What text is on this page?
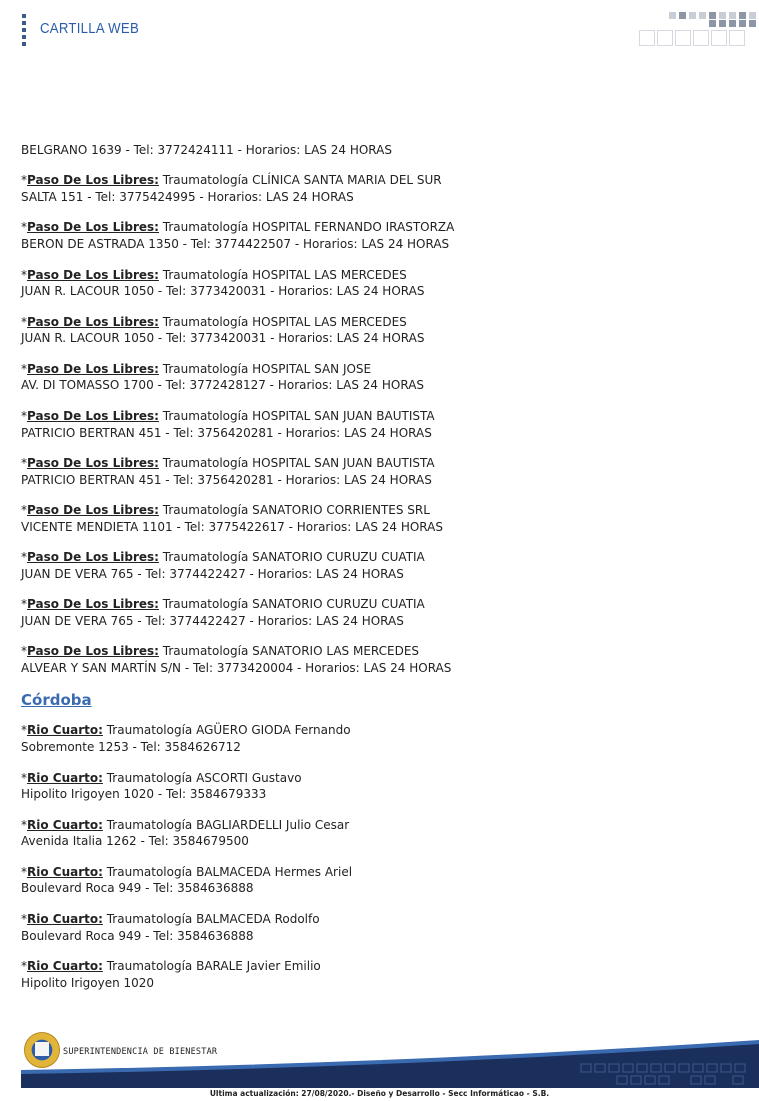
CARTILLA WEB
BELGRANO 1639 - Tel: 3772424111 - Horarios: LAS 24 HORAS
*Paso De Los Libres: Traumatología CLÍNICA SANTA MARIA DEL SUR
SALTA 151 - Tel: 3775424995 - Horarios: LAS 24 HORAS
*Paso De Los Libres: Traumatología HOSPITAL FERNANDO IRASTORZA
BERON DE ASTRADA 1350 - Tel: 3774422507 - Horarios: LAS 24 HORAS
*Paso De Los Libres: Traumatología HOSPITAL LAS MERCEDES
JUAN R. LACOUR 1050 - Tel: 3773420031 - Horarios: LAS 24 HORAS
*Paso De Los Libres: Traumatología HOSPITAL LAS MERCEDES
JUAN R. LACOUR 1050 - Tel: 3773420031 - Horarios: LAS 24 HORAS
*Paso De Los Libres: Traumatología HOSPITAL SAN JOSE
AV. DI TOMASSO 1700 - Tel: 3772428127 - Horarios: LAS 24 HORAS
*Paso De Los Libres: Traumatología HOSPITAL SAN JUAN BAUTISTA
PATRICIO BERTRAN 451 - Tel: 3756420281 - Horarios: LAS 24 HORAS
*Paso De Los Libres: Traumatología HOSPITAL SAN JUAN BAUTISTA
PATRICIO BERTRAN 451 - Tel: 3756420281 - Horarios: LAS 24 HORAS
*Paso De Los Libres: Traumatología SANATORIO CORRIENTES SRL
VICENTE MENDIETA 1101 - Tel: 3775422617 - Horarios: LAS 24 HORAS
*Paso De Los Libres: Traumatología SANATORIO CURUZU CUATIA
JUAN DE VERA 765 - Tel: 3774422427 - Horarios: LAS 24 HORAS
*Paso De Los Libres: Traumatología SANATORIO CURUZU CUATIA
JUAN DE VERA 765 - Tel: 3774422427 - Horarios: LAS 24 HORAS
*Paso De Los Libres: Traumatología SANATORIO LAS MERCEDES
ALVEAR Y SAN MARTÍN S/N - Tel: 3773420004 - Horarios: LAS 24 HORAS
Córdoba
*Rio Cuarto: Traumatología AGÜERO GIODA Fernando
Sobremonte 1253 - Tel: 3584626712
*Rio Cuarto: Traumatología ASCORTI Gustavo
Hipolito Irigoyen 1020 - Tel: 3584679333
*Rio Cuarto: Traumatología BAGLIARDELLI Julio Cesar
Avenida Italia 1262 - Tel: 3584679500
*Rio Cuarto: Traumatología BALMACEDA Hermes Ariel
Boulevard Roca 949 - Tel: 3584636888
*Rio Cuarto: Traumatología BALMACEDA Rodolfo
Boulevard Roca 949 - Tel: 3584636888
*Rio Cuarto: Traumatología BARALE Javier Emilio
Hipolito Irigoyen 1020
SUPERINTENDENCIA DE BIENESTAR
Ultima actualización: 27/08/2020.- Diseño y Desarrollo - Secc Informáticao - S.B.
